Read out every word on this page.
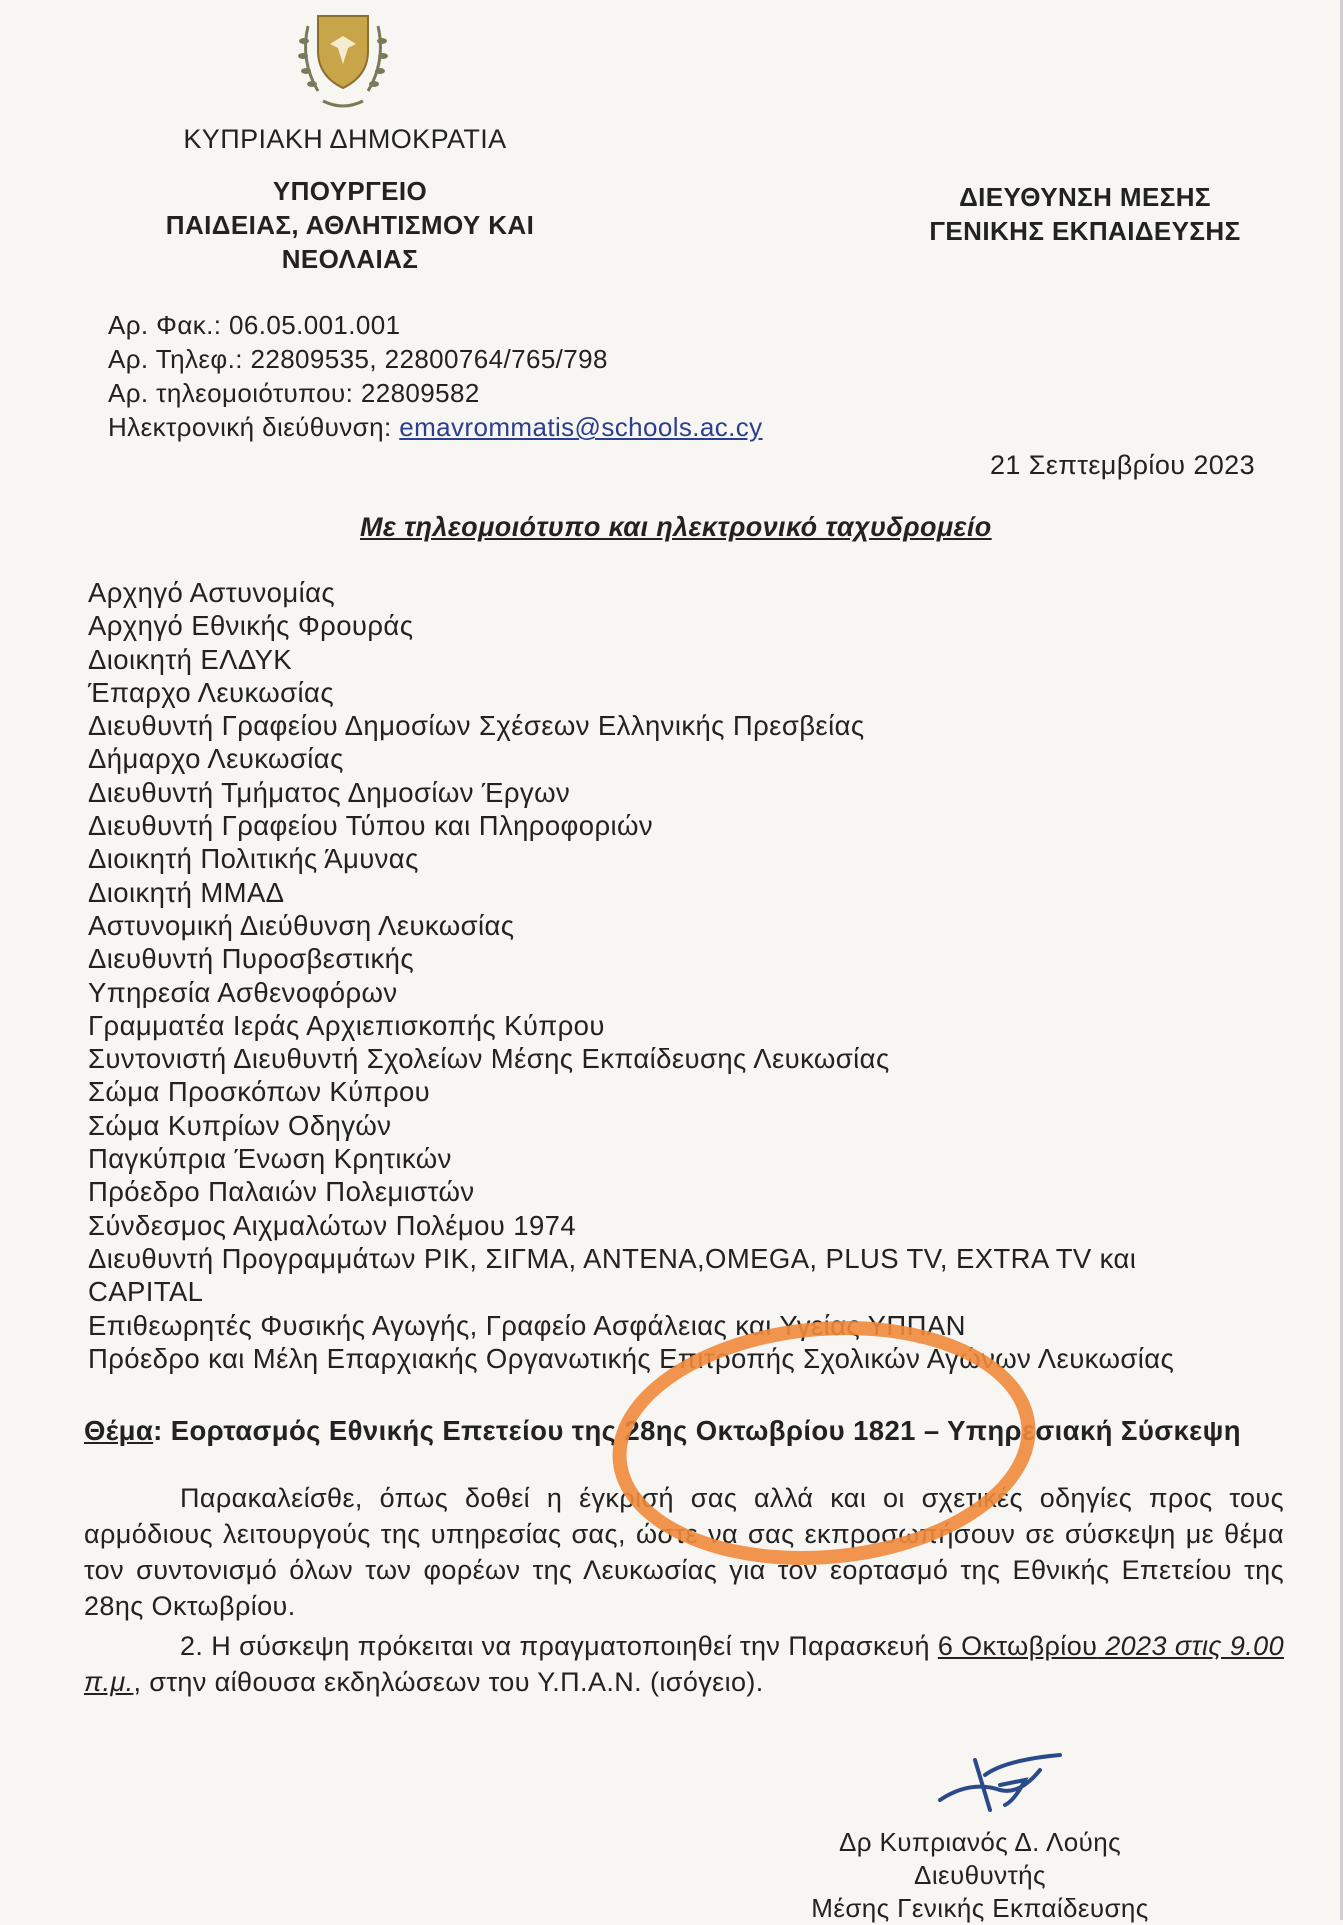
ΚΥΠΡΙΑΚΗ ΔΗΜΟΚΡΑΤΙΑ
ΥΠΟΥΡΓΕΙΟ
ΠΑΙΔΕΙΑΣ, ΑΘΛΗΤΙΣΜΟΥ ΚΑΙ
ΝΕΟΛΑΙΑΣ
ΔΙΕΥΘΥΝΣΗ ΜΕΣΗΣ
ΓΕΝΙΚΗΣ ΕΚΠΑΙΔΕΥΣΗΣ
Αρ. Φακ.: 06.05.001.001
Αρ. Τηλεφ.: 22809535, 22800764/765/798
Αρ. τηλεομοιότυπου: 22809582
Ηλεκτρονική διεύθυνση: emavrommatis@schools.ac.cy
21 Σεπτεμβρίου 2023
Με τηλεομοιότυπο και ηλεκτρονικό ταχυδρομείο
Αρχηγό Αστυνομίας
Αρχηγό Εθνικής Φρουράς
Διοικητή ΕΛΔΥΚ
Έπαρχο Λευκωσίας
Διευθυντή Γραφείου Δημοσίων Σχέσεων Ελληνικής Πρεσβείας
Δήμαρχο Λευκωσίας
Διευθυντή Τμήματος Δημοσίων Έργων
Διευθυντή Γραφείου Τύπου και Πληροφοριών
Διοικητή Πολιτικής Άμυνας
Διοικητή ΜΜΑΔ
Αστυνομική Διεύθυνση Λευκωσίας
Διευθυντή Πυροσβεστικής
Υπηρεσία Ασθενοφόρων
Γραμματέα Ιεράς Αρχιεπισκοπής Κύπρου
Συντονιστή Διευθυντή Σχολείων Μέσης Εκπαίδευσης Λευκωσίας
Σώμα Προσκόπων Κύπρου
Σώμα Κυπρίων Οδηγών
Παγκύπρια Ένωση Κρητικών
Πρόεδρο Παλαιών Πολεμιστών
Σύνδεσμος Αιχμαλώτων Πολέμου 1974
Διευθυντή Προγραμμάτων ΡΙΚ, ΣΙΓΜΑ, ΑΝΤΕΝΑ,OMEGA, PLUS TV, EXTRA TV και CAPITAL
Επιθεωρητές Φυσικής Αγωγής, Γραφείο Ασφάλειας και Υγείας ΥΠΠΑΝ
Πρόεδρο και Μέλη Επαρχιακής Οργανωτικής Επιτροπής Σχολικών Αγώνων Λευκωσίας
Θέμα: Εορτασμός Εθνικής Επετείου της 28ης Οκτωβρίου 1821 – Υπηρεσιακή Σύσκεψη

Παρακαλείσθε, όπως δοθεί η έγκρισή σας αλλά και οι σχετικές οδηγίες προς τους αρμόδιους λειτουργούς της υπηρεσίας σας, ώστε να σας εκπροσωπήσουν σε σύσκεψη με θέμα τον συντονισμό όλων των φορέων της Λευκωσίας για τον εορτασμό της Εθνικής Επετείου της 28ης Οκτωβρίου.

2. Η σύσκεψη πρόκειται να πραγματοποιηθεί την Παρασκευή 6 Οκτωβρίου 2023 στις 9.00 π.μ., στην αίθουσα εκδηλώσεων του Υ.Π.Α.Ν. (ισόγειο).

Δρ Κυπριανός Δ. Λούης
Διευθυντής
Μέσης Γενικής Εκπαίδευσης
